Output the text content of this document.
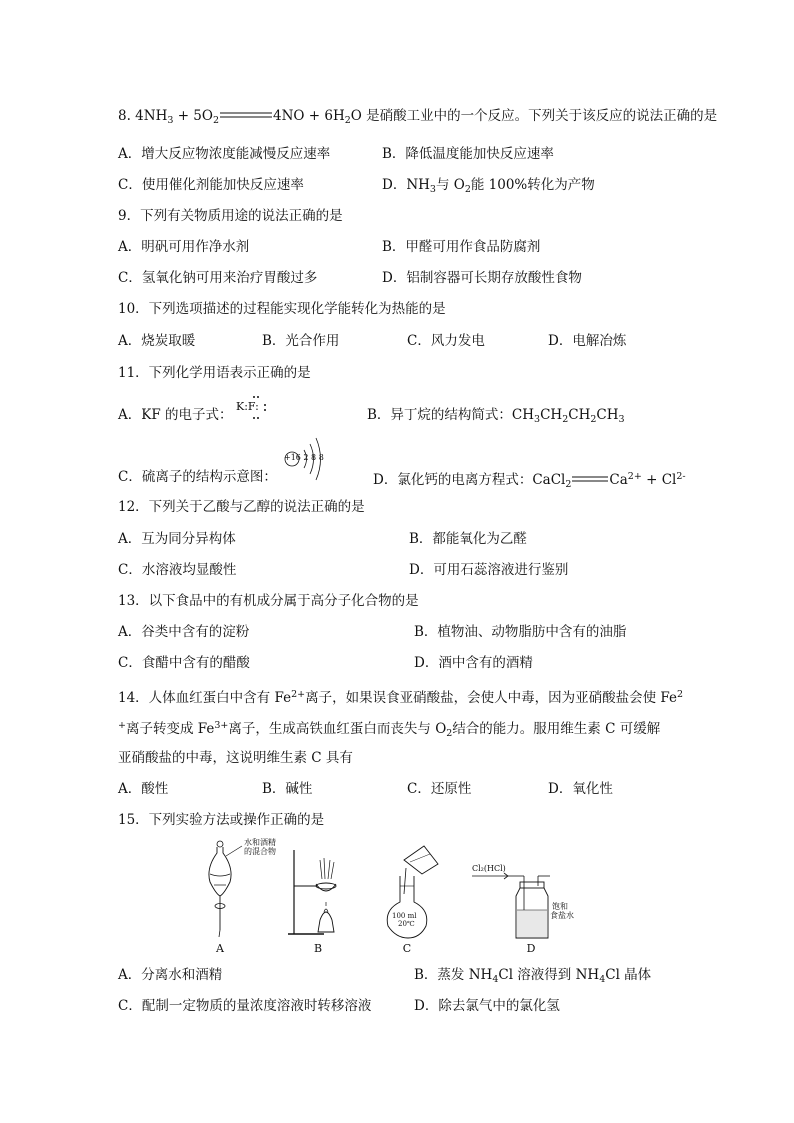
8. $4NH_3 + 5O_2$	$4NO + 6H_2O$ 是硝酸工业中的一个反应。下列关于该反应的说法正确的是
A．增大反应物浓度能减慢反应速率	B．降低温度能加快反应速率
C．使用催化剂能加快反应速率	D．$NH_3$与 $O_2$能 100%转化为产物
9．下列有关物质用途的说法正确的是
A．明矾可用作净水剂	B．甲醛可用作食品防腐剂
C．氢氧化钠可用来治疗胃酸过多	D．铝制容器可长期存放酸性食物
10．下列选项描述的过程能实现化学能转化为热能的是
A．烧炭取暖	B．光合作用	C．风力发电	D．电解冶炼
11．下列化学用语表示正确的是
A．KF 的电子式：
K:F:
B．异丁烷的结构简式：$CH_3CH_2CH_2CH_3$
C．硫离子的结构示意图：
+16 2 8 8
D．氯化钙的电离方程式：CaCl$_2$	$Ca^{2+} + Cl^{2-}$
12．下列关于乙酸与乙醇的说法正确的是
A．互为同分异构体	B．都能氧化为乙醛
C．水溶液均显酸性	D．可用石蕊溶液进行鉴别
13．以下食品中的有机成分属于高分子化合物的是
A．谷类中含有的淀粉	B．植物油、动物脂肪中含有的油脂
C．食醋中含有的醋酸	D．酒中含有的酒精
14．人体血红蛋白中含有 $Fe^{2+}$离子，如果误食亚硝酸盐，会使人中毒，因为亚硝酸盐会使 Fe$^2$
+离子转变成 $Fe^{3+}$离子，生成高铁血红蛋白而丧失与 $O_2$结合的能力。服用维生素 C 可缓解
亚硝酸盐的中毒，这说明维生素 C 具有
A．酸性	B．碱性	C．还原性	D．氧化性
15．下列实验方法或操作正确的是
水和酒精
的混合物
100 ml
20℃
Cl₂(HCl)
饱和
食盐水
A	B	C	D
A．分离水和酒精	B．蒸发 $NH_4Cl$ 溶液得到 $NH_4Cl$ 晶体
C．配制一定物质的量浓度溶液时转移溶液	D．除去氯气中的氯化氢
